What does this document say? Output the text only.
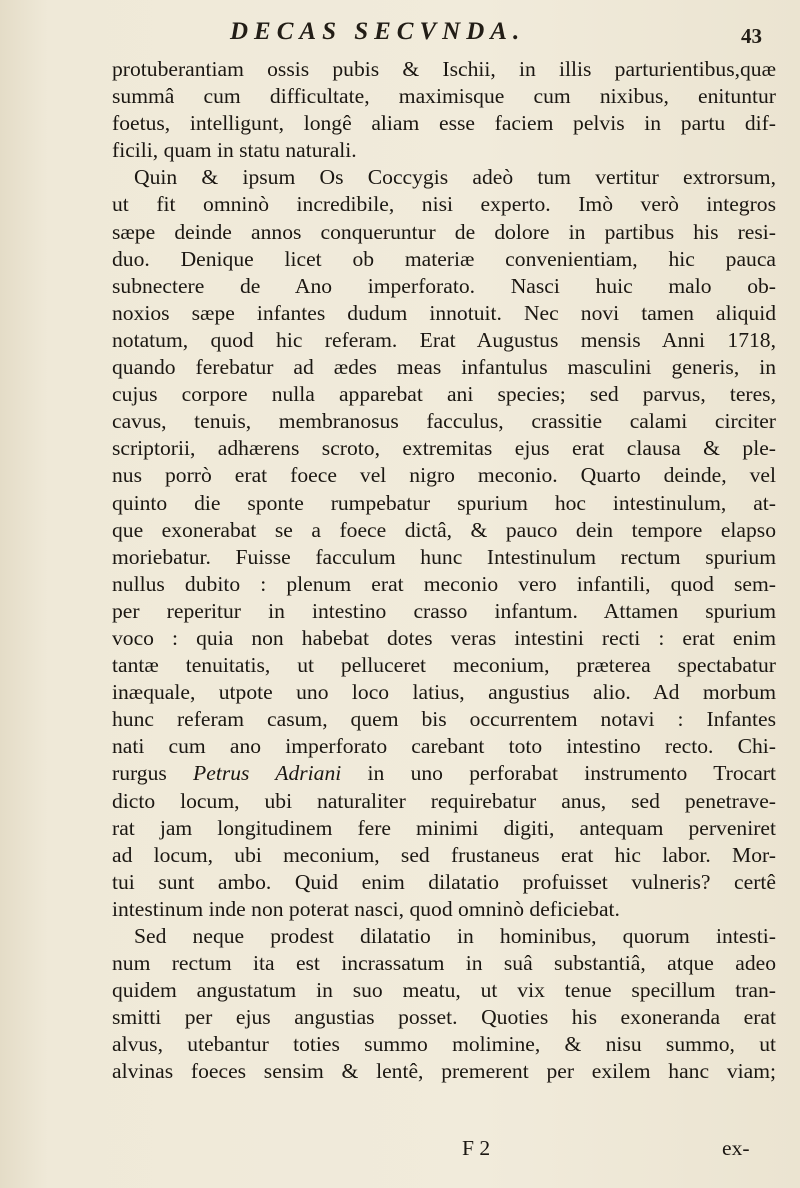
DECAS SECVNDA.	43
protuberantiam ossis pubis & Ischii, in illis parturientibus,quæ
summâ cum difficultate, maximisque cum nixibus, enituntur
foetus, intelligunt, longê aliam esse faciem pelvis in partu dif-
ficili, quam in statu naturali.
Quin & ipsum Os Coccygis adeò tum vertitur extrorsum,
ut fit omninò incredibile, nisi experto. Imò verò integros
sæpe deinde annos conqueruntur de dolore in partibus his resi-
duo. Denique licet ob materiæ convenientiam, hic pauca
subnectere de Ano imperforato. Nasci huic malo ob-
noxios sæpe infantes dudum innotuit. Nec novi tamen aliquid
notatum, quod hic referam. Erat Augustus mensis Anni 1718,
quando ferebatur ad ædes meas infantulus masculini generis, in
cujus corpore nulla apparebat ani species; sed parvus, teres,
cavus, tenuis, membranosus facculus, crassitie calami circiter
scriptorii, adhærens scroto, extremitas ejus erat clausa & ple-
nus porrò erat foece vel nigro meconio. Quarto deinde, vel
quinto die sponte rumpebatur spurium hoc intestinulum, at-
que exonerabat se a foece dictâ, & pauco dein tempore elapso
moriebatur. Fuisse facculum hunc Intestinulum rectum spurium
nullus dubito : plenum erat meconio vero infantili, quod sem-
per reperitur in intestino crasso infantum. Attamen spurium
voco : quia non habebat dotes veras intestini recti : erat enim
tantæ tenuitatis, ut pelluceret meconium, præterea spectabatur
inæquale, utpote uno loco latius, angustius alio. Ad morbum
hunc referam casum, quem bis occurrentem notavi : Infantes
nati cum ano imperforato carebant toto intestino recto. Chi-
rurgus Petrus Adriani in uno perforabat instrumento Trocart
dicto locum, ubi naturaliter requirebatur anus, sed penetrave-
rat jam longitudinem fere minimi digiti, antequam perveniret
ad locum, ubi meconium, sed frustaneus erat hic labor. Mor-
tui sunt ambo. Quid enim dilatatio profuisset vulneris? certê
intestinum inde non poterat nasci, quod omninò deficiebat.
Sed neque prodest dilatatio in hominibus, quorum intesti-
num rectum ita est incrassatum in suâ substantiâ, atque adeo
quidem angustatum in suo meatu, ut vix tenue specillum tran-
smitti per ejus angustias posset. Quoties his exoneranda erat
alvus, utebantur toties summo molimine, & nisu summo, ut
alvinas foeces sensim & lentê, premerent per exilem hanc viam;
F 2	ex-
